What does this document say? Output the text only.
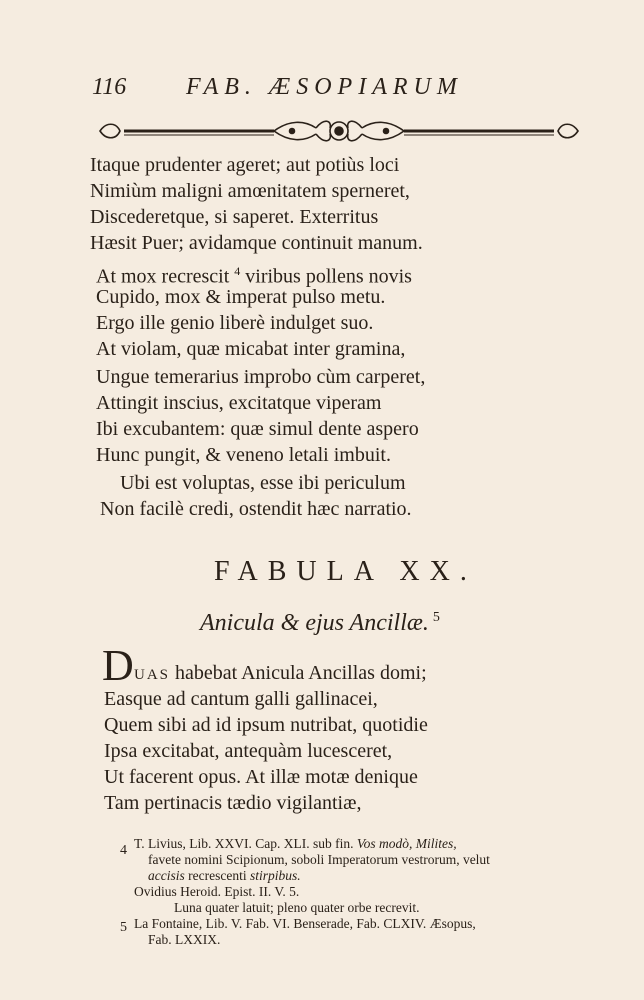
116 FAB. ÆSOPIARUM
Itaque prudenter ageret; aut potiùs loci
Nimiùm maligni amœnitatem sperneret,
Discederetque, si saperet. Exterritus
Hæsit Puer; avidamque continuit manum.
At mox recrescit $^4$ viribus pollens novis
Cupido, mox & imperat pulso metu.
Ergo ille genio liberè indulget suo.
At violam, quæ micabat inter gramina,
Ungue temerarius improbo cùm carperet,
Attingit inscius, excitatque viperam
Ibi excubantem: quæ simul dente aspero
Hunc pungit, & veneno letali imbuit.
Ubi est voluptas, esse ibi periculum
Non facilè credi, ostendit hæc narratio.
FABULA XX.
Anicula & ejus Ancillæ. $^5$
D UAS habebat Anicula Ancillas domi;
Easque ad cantum galli gallinacei,
Quem sibi ad id ipsum nutribat, quotidie
Ipsa excitabat, antequàm lucesceret,
Ut facerent opus. At illæ motæ denique
Tam pertinacis tædio vigilantiæ,
4 T. Livius, Lib. XXVI. Cap. XLI. sub fin. Vos modò, Milites,
favete nomini Scipionum, soboli Imperatorum vestrorum, velut
accisis recrescenti stirpibus.
Ovidius Heroid. Epist. II. V. 5.
Luna quater latuit; pleno quater orbe recrevit.
5 La Fontaine, Lib. V. Fab. VI. Benserade, Fab. CLXIV. Æsopus,
Fab. LXXIX.
